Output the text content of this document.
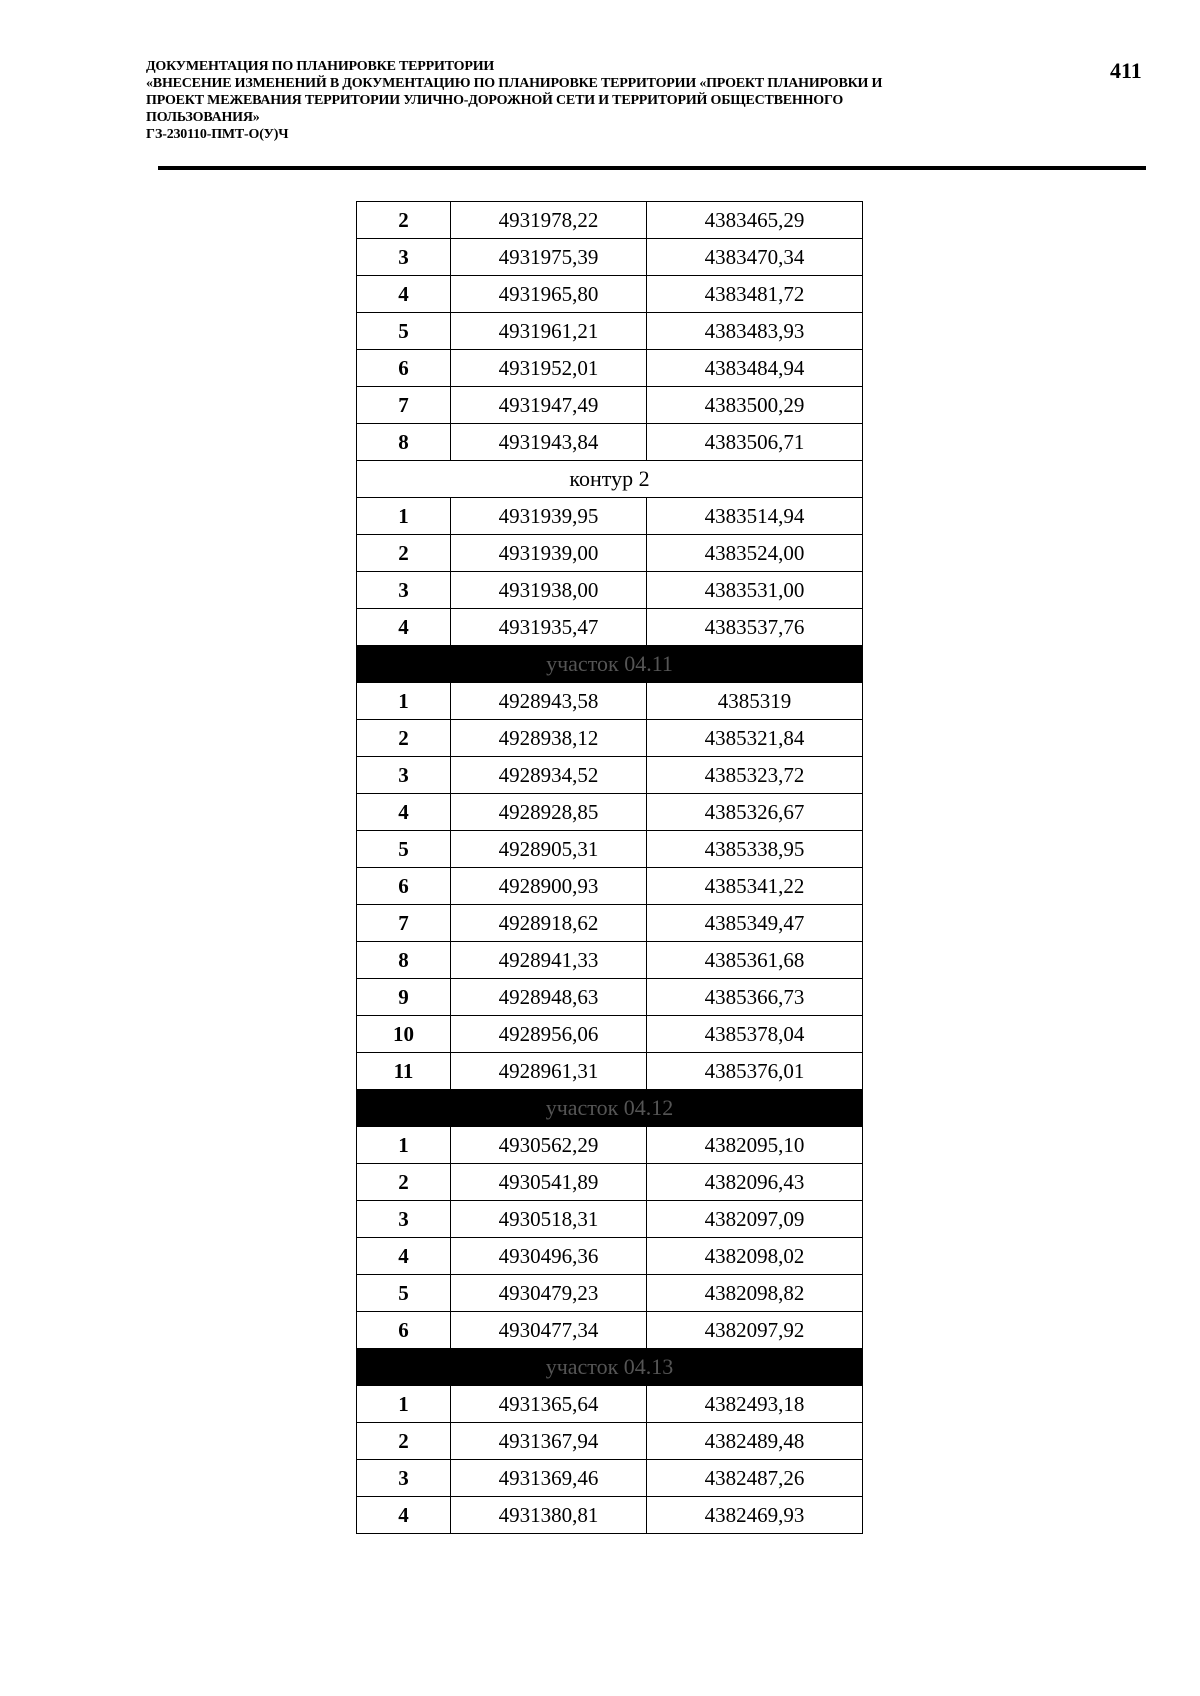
ДОКУМЕНТАЦИЯ ПО ПЛАНИРОВКЕ ТЕРРИТОРИИ
«ВНЕСЕНИЕ ИЗМЕНЕНИЙ В ДОКУМЕНТАЦИЮ ПО ПЛАНИРОВКЕ ТЕРРИТОРИИ «ПРОЕКТ ПЛАНИРОВКИ И
ПРОЕКТ МЕЖЕВАНИЯ ТЕРРИТОРИИ УЛИЧНО-ДОРОЖНОЙ СЕТИ И ТЕРРИТОРИЙ ОБЩЕСТВЕННОГО
ПОЛЬЗОВАНИЯ»
ГЗ-230110-ПМТ-О(У)Ч
411
2	4931978,22	4383465,29
3	4931975,39	4383470,34
4	4931965,80	4383481,72
5	4931961,21	4383483,93
6	4931952,01	4383484,94
7	4931947,49	4383500,29
8	4931943,84	4383506,71
контур 2		
1	4931939,95	4383514,94
2	4931939,00	4383524,00
3	4931938,00	4383531,00
4	4931935,47	4383537,76
участок 04.11		
1	4928943,58	4385319
2	4928938,12	4385321,84
3	4928934,52	4385323,72
4	4928928,85	4385326,67
5	4928905,31	4385338,95
6	4928900,93	4385341,22
7	4928918,62	4385349,47
8	4928941,33	4385361,68
9	4928948,63	4385366,73
10	4928956,06	4385378,04
11	4928961,31	4385376,01
участок 04.12		
1	4930562,29	4382095,10
2	4930541,89	4382096,43
3	4930518,31	4382097,09
4	4930496,36	4382098,02
5	4930479,23	4382098,82
6	4930477,34	4382097,92
участок 04.13		
1	4931365,64	4382493,18
2	4931367,94	4382489,48
3	4931369,46	4382487,26
4	4931380,81	4382469,93
